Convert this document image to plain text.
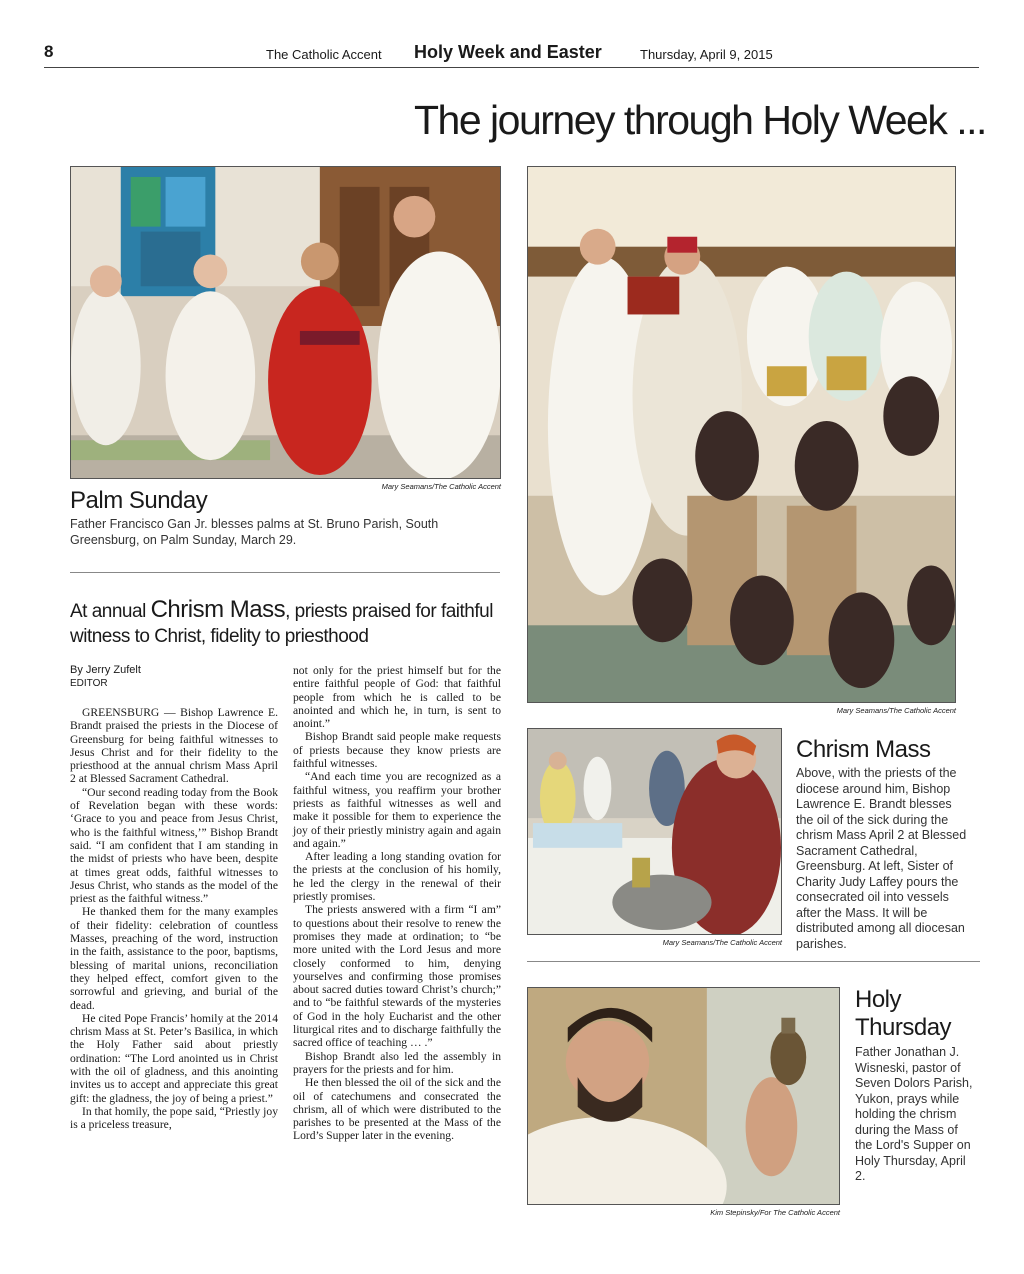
8	The Catholic Accent Holy Week and Easter	Thursday, April 9, 2015
The journey through Holy Week ...
Mary Seamans/The Catholic Accent
Palm Sunday
Father Francisco Gan Jr. blesses palms at St. Bruno Parish, South Greensburg, on Palm Sunday, March 29.
At annual Chrism Mass, priests praised for faithful witness to Christ, fidelity to priesthood
By Jerry Zufelt
EDITOR

GREENSBURG — Bishop Lawrence E. Brandt praised the priests in the Diocese of Greensburg for being faithful witnesses to Jesus Christ and for their fidelity to the priesthood at the annual chrism Mass April 2 at Blessed Sacrament Cathedral.

“Our second reading today from the Book of Revelation began with these words: ‘Grace to you and peace from Jesus Christ, who is the faithful witness,’” Bishop Brandt said. “I am confident that I am standing in the midst of priests who have been, despite at times great odds, faithful witnesses to Jesus Christ, who stands as the model of the priest as the faithful witness.”

He thanked them for the many examples of their fidelity: celebration of countless Masses, preaching of the word, instruction in the faith, assistance to the poor, baptisms, blessing of marital unions, reconciliation they helped effect, comfort given to the sorrowful and grieving, and burial of the dead.

He cited Pope Francis’ homily at the 2014 chrism Mass at St. Peter’s Basilica, in which the Holy Father said about priestly ordination: “The Lord anointed us in Christ with the oil of gladness, and this anointing invites us to accept and appreciate this great gift: the gladness, the joy of being a priest.”

In that homily, the pope said, “Priestly joy is a priceless treasure,

not only for the priest himself but for the entire faithful people of God: that faithful people from which he is called to be anointed and which he, in turn, is sent to anoint.”

Bishop Brandt said people make requests of priests because they know priests are faithful witnesses.

“And each time you are recognized as a faithful witness, you reaffirm your brother priests as faithful witnesses as well and make it possible for them to experience the joy of their priestly ministry again and again and again.”

After leading a long standing ovation for the priests at the conclusion of his homily, he led the clergy in the renewal of their priestly promises.

The priests answered with a firm “I am” to questions about their resolve to renew the promises they made at ordination; to “be more united with the Lord Jesus and more closely conformed to him, denying yourselves and confirming those promises about sacred duties toward Christ’s church;” and to “be faithful stewards of the mysteries of God in the holy Eucharist and the other liturgical rites and to discharge faithfully the sacred office of teaching … .”

Bishop Brandt also led the assembly in prayers for the priests and for him.

He then blessed the oil of the sick and the oil of catechumens and consecrated the chrism, all of which were distributed to the parishes to be presented at the Mass of the Lord’s Supper later in the evening.

Mary Seamans/The Catholic Accent
Mary Seamans/The Catholic Accent
Chrism Mass
Above, with the priests of the diocese around him, Bishop Lawrence E. Brandt blesses the oil of the sick during the chrism Mass April 2 at Blessed Sacrament Cathedral, Greensburg. At left, Sister of Charity Judy Laffey pours the consecrated oil into vessels after the Mass. It will be distributed among all diocesan parishes.
Kim Stepinsky/For The Catholic Accent
Holy
Thursday
Father Jonathan J. Wisneski, pastor of Seven Dolors Parish, Yukon, prays while holding the chrism during the Mass of the Lord's Supper on Holy Thursday, April 2.
